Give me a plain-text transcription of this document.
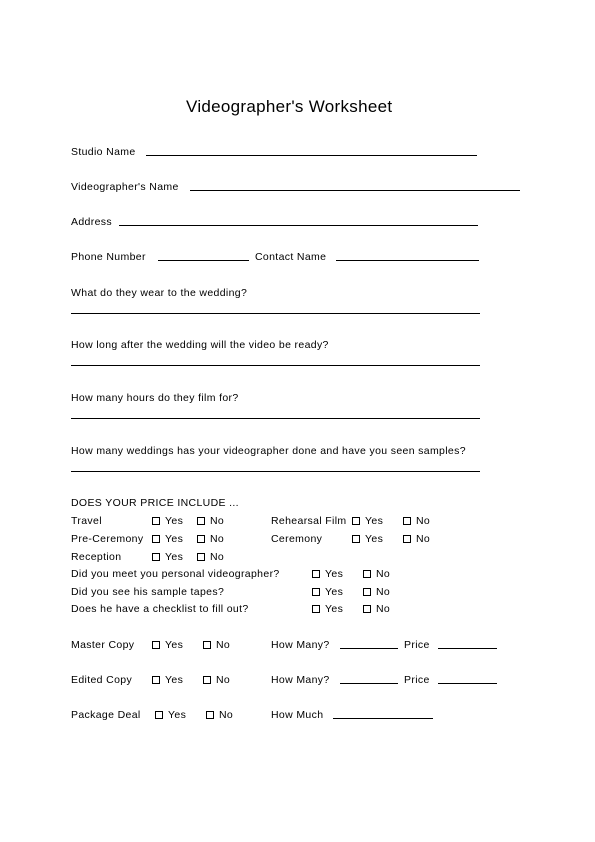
Videographer's Worksheet
Studio Name
Videographer's Name
Address
Phone Number	Contact Name
What do they wear to the wedding?
How long after the wedding will the video be ready?
How many hours do they film for?
How many weddings has your videographer done and have you seen samples?
DOES YOUR PRICE INCLUDE ...
Travel	Yes	No	Rehearsal Film	Yes	No
Pre-Ceremony	Yes	No	Ceremony	Yes	No
Reception	Yes	No
Did you meet you personal videographer?	Yes	No
Did you see his sample tapes?	Yes	No
Does he have a checklist to fill out?	Yes	No
Master Copy	Yes	No	How Many?	Price
Edited Copy	Yes	No	How Many?	Price
Package Deal	Yes	No	How Much
